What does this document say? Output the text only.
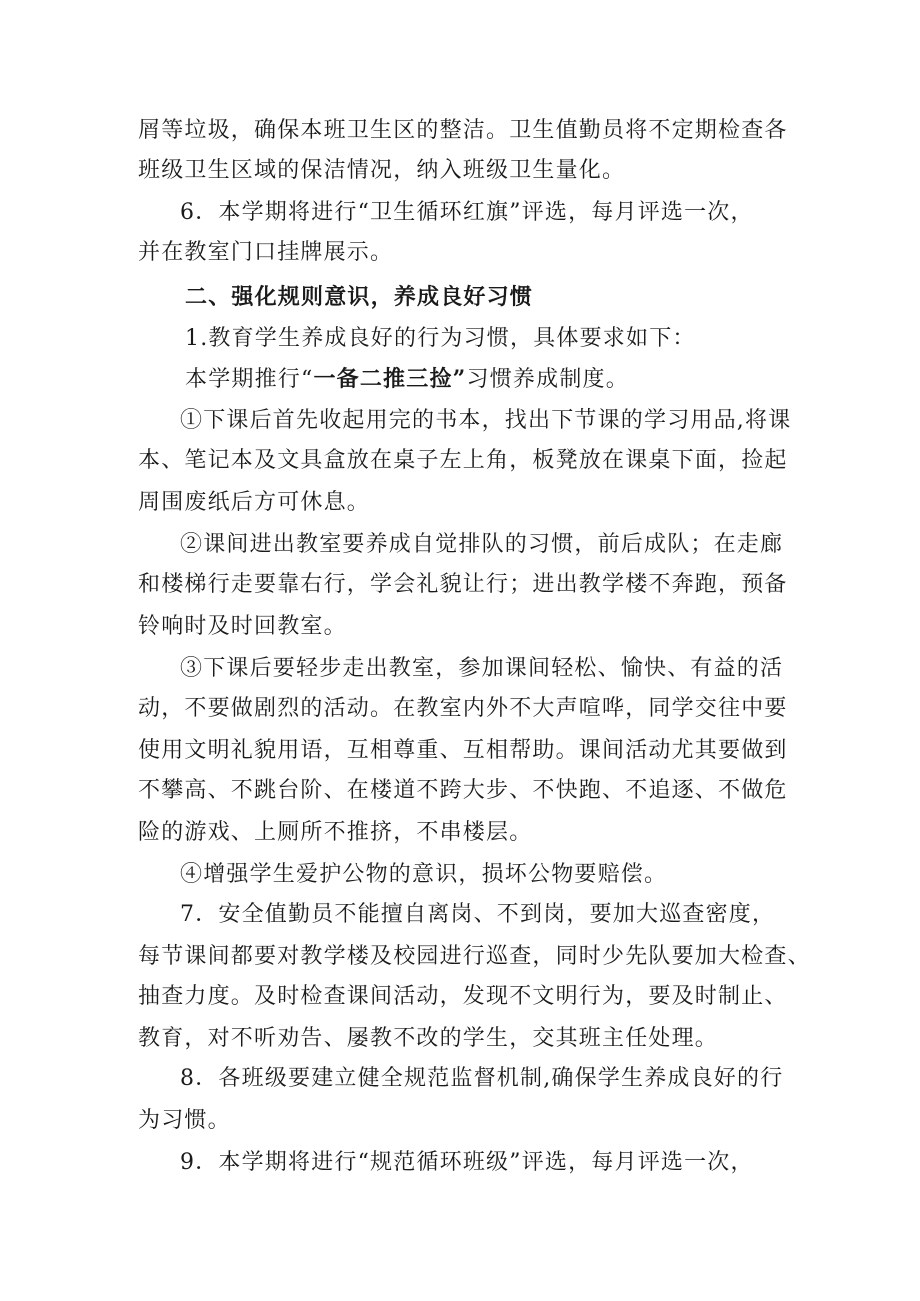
屑等垃圾，确保本班卫生区的整洁。卫生值勤员将不定期检查各
班级卫生区域的保洁情况，纳入班级卫生量化。
6．本学期将进行“卫生循环红旗”评选，每月评选一次，
并在教室门口挂牌展示。
二、强化规则意识，养成良好习惯
1.教育学生养成良好的行为习惯，具体要求如下：
本学期推行“一备二推三捡”习惯养成制度。
①下课后首先收起用完的书本，找出下节课的学习用品,将课
本、笔记本及文具盒放在桌子左上角，板凳放在课桌下面，捡起
周围废纸后方可休息。
②课间进出教室要养成自觉排队的习惯，前后成队；在走廊
和楼梯行走要靠右行，学会礼貌让行；进出教学楼不奔跑，预备
铃响时及时回教室。
③下课后要轻步走出教室，参加课间轻松、愉快、有益的活
动，不要做剧烈的活动。在教室内外不大声喧哗，同学交往中要
使用文明礼貌用语，互相尊重、互相帮助。课间活动尤其要做到
不攀高、不跳台阶、在楼道不跨大步、不快跑、不追逐、不做危
险的游戏、上厕所不推挤，不串楼层。
④增强学生爱护公物的意识，损坏公物要赔偿。
7．安全值勤员不能擅自离岗、不到岗，要加大巡查密度，
每节课间都要对教学楼及校园进行巡查，同时少先队要加大检查、
抽查力度。及时检查课间活动，发现不文明行为，要及时制止、
教育，对不听劝告、屡教不改的学生，交其班主任处理。
8．各班级要建立健全规范监督机制,确保学生养成良好的行
为习惯。
9．本学期将进行“规范循环班级”评选，每月评选一次，
